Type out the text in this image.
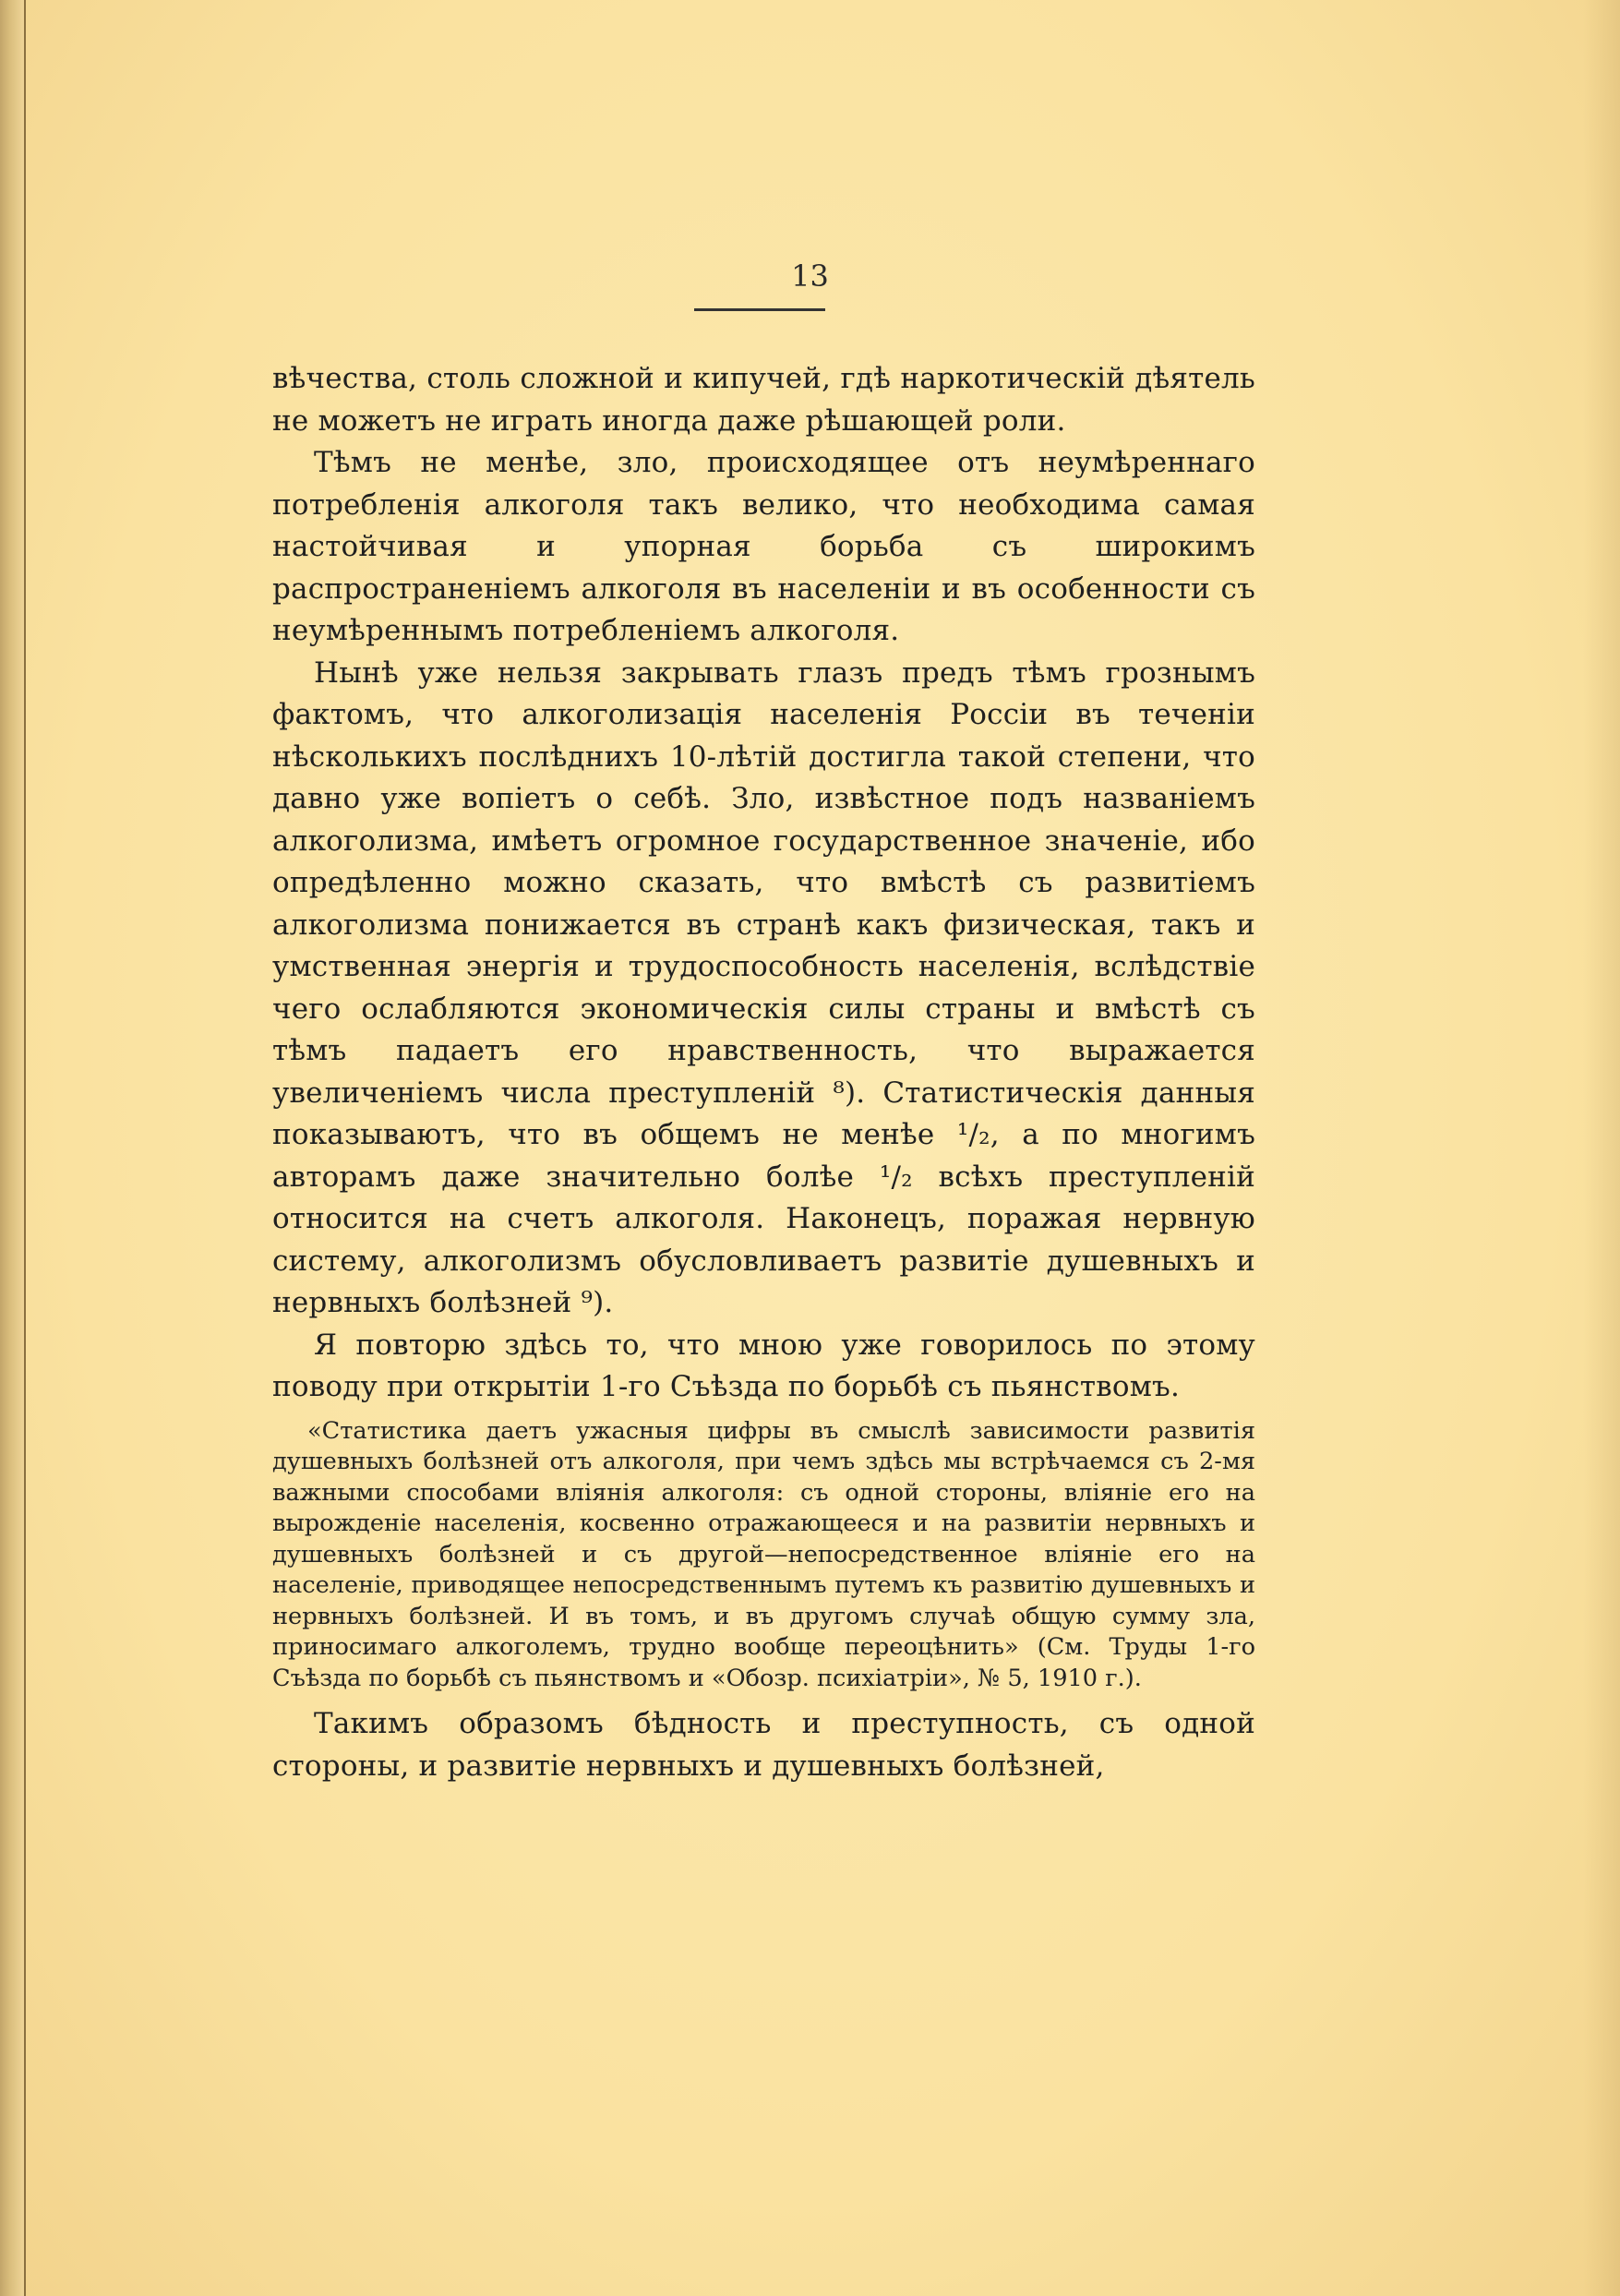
13

вѣчества, столь сложной и кипучей, гдѣ наркотическій дѣятель не можетъ не играть иногда даже рѣшающей роли.

Тѣмъ не менѣе, зло, происходящее отъ неумѣреннаго потребленія алкоголя такъ велико, что необходима самая настойчивая и упорная борьба съ широкимъ распространеніемъ алкоголя въ населеніи и въ особенности съ неумѣреннымъ потребленіемъ алкоголя.

Нынѣ уже нельзя закрывать глазъ предъ тѣмъ грознымъ фактомъ, что алкоголизація населенія Россіи въ теченіи нѣсколькихъ послѣднихъ 10-лѣтій достигла такой степени, что давно уже вопіетъ о себѣ. Зло, извѣстное подъ названіемъ алкоголизма, имѣетъ огромное государственное значеніе, ибо опредѣленно можно сказать, что вмѣстѣ съ развитіемъ алкоголизма понижается въ странѣ какъ физическая, такъ и умственная энергія и трудоспособность населенія, вслѣдствіе чего ослабляются экономическія силы страны и вмѣстѣ съ тѣмъ падаетъ его нравственность, что выражается увеличеніемъ числа преступленій ⁸). Статистическія данныя показываютъ, что въ общемъ не менѣе ¹/₂, а по многимъ авторамъ даже значительно болѣе ¹/₂ всѣхъ преступленій относится на счетъ алкоголя. Наконецъ, поражая нервную систему, алкоголизмъ обусловливаетъ развитіе душевныхъ и нервныхъ болѣзней ⁹).

Я повторю здѣсь то, что мною уже говорилось по этому поводу при открытіи 1-го Съѣзда по борьбѣ съ пьянствомъ.

«Статистика даетъ ужасныя цифры въ смыслѣ зависимости развитія душевныхъ болѣзней отъ алкоголя, при чемъ здѣсь мы встрѣчаемся съ 2-мя важными способами вліянія алкоголя: съ одной стороны, вліяніе его на вырожденіе населенія, косвенно отражающееся и на развитіи нервныхъ и душевныхъ болѣзней и съ другой—непосредственное вліяніе его на населеніе, приводящее непосредственнымъ путемъ къ развитію душевныхъ и нервныхъ болѣзней. И въ томъ, и въ другомъ случаѣ общую сумму зла, приносимаго алкоголемъ, трудно вообще переоцѣнить» (См. Труды 1-го Съѣзда по борьбѣ съ пьянствомъ и «Обозр. психіатріи», № 5, 1910 г.).

Такимъ образомъ бѣдность и преступность, съ одной стороны, и развитіе нервныхъ и душевныхъ болѣзней,
